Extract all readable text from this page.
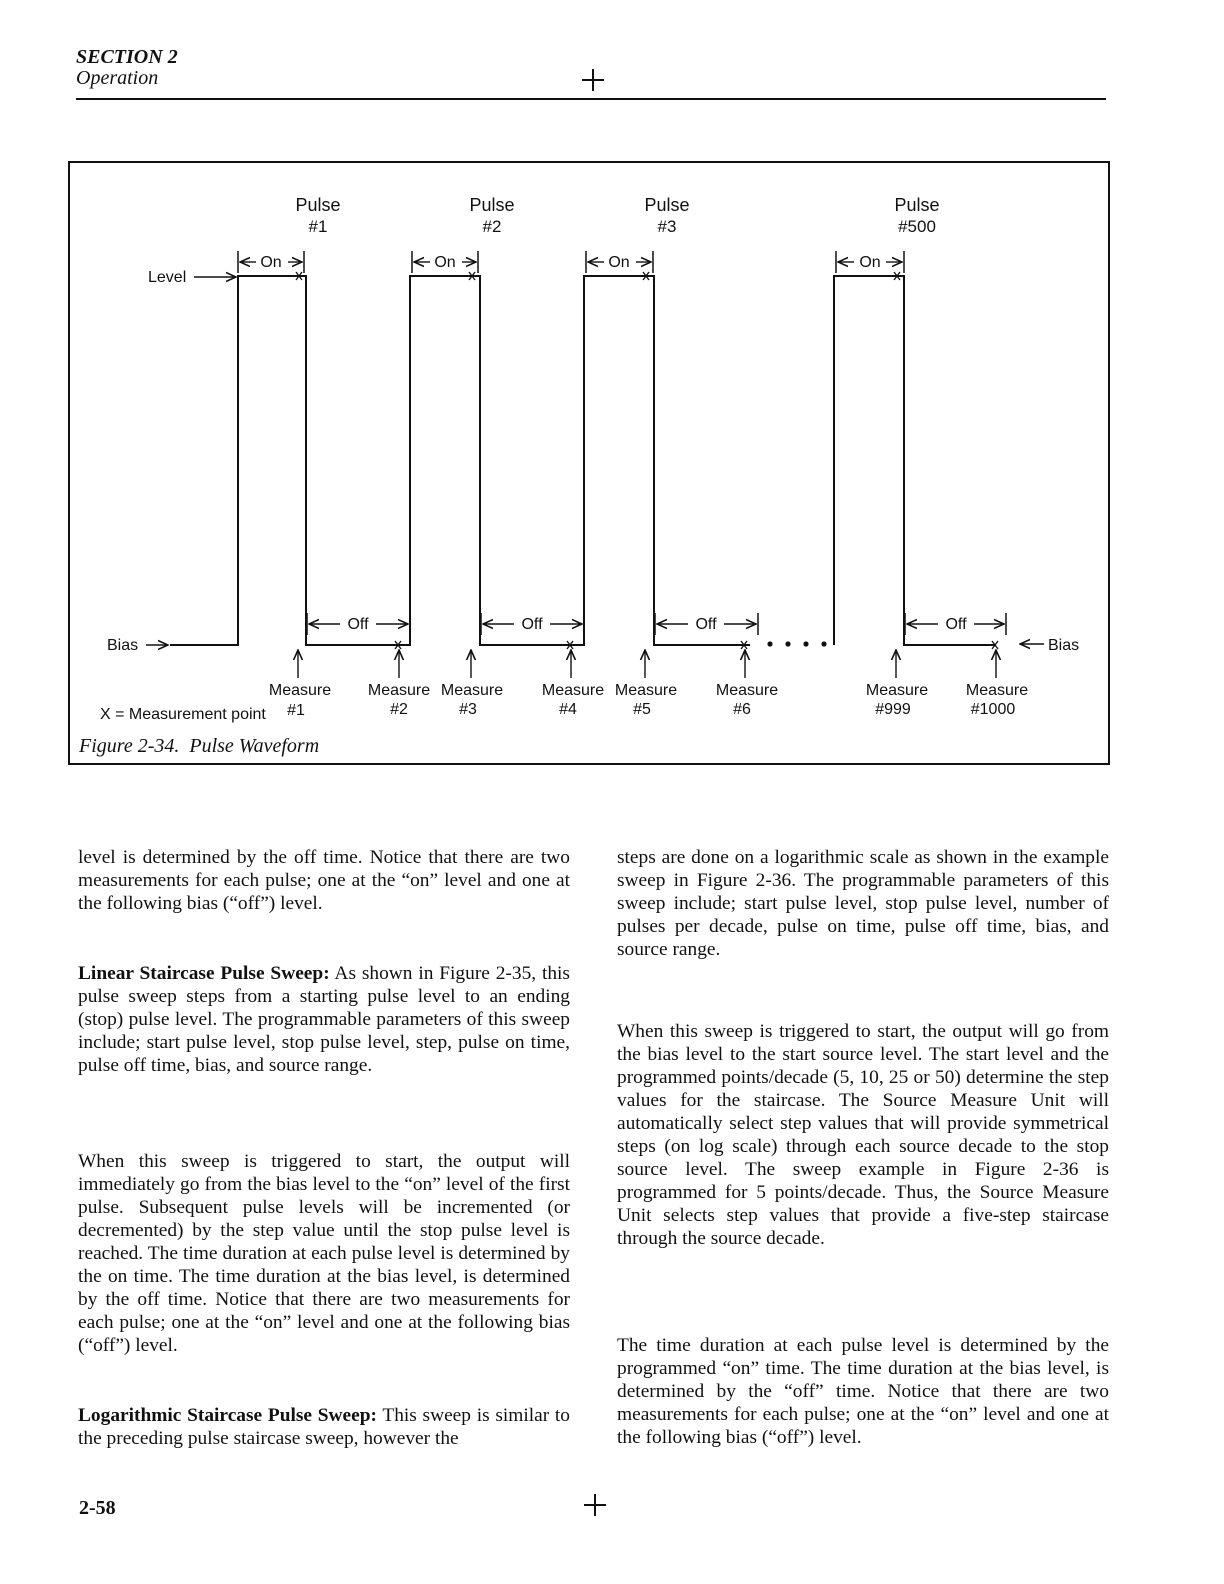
SECTION 2
Operation
Pulse
#1
Pulse
#2
Pulse
#3
Pulse
#500
On	On	On	On
Level
Bias	Bias
Off	Off	Off	Off
Measure
#1
Measure
#2
Measure
#3
Measure
#4
Measure
#5
Measure
#6
Measure
#999
Measure
#1000
X = Measurement point
Figure 2-34. Pulse Waveform

level is determined by the off time. Notice that there are two measurements for each pulse; one at the “on” level and one at the following bias (“off”) level.

Linear Staircase Pulse Sweep: As shown in Figure 2-35, this pulse sweep steps from a starting pulse level to an ending (stop) pulse level. The programmable parameters of this sweep include; start pulse level, stop pulse level, step, pulse on time, pulse off time, bias, and source range.

When this sweep is triggered to start, the output will immediately go from the bias level to the “on” level of the first pulse. Subsequent pulse levels will be incremented (or decremented) by the step value until the stop pulse level is reached. The time duration at each pulse level is determined by the on time. The time duration at the bias level, is determined by the off time. Notice that there are two measurements for each pulse; one at the “on” level and one at the following bias (“off”) level.

Logarithmic Staircase Pulse Sweep: This sweep is similar to the preceding pulse staircase sweep, however the

steps are done on a logarithmic scale as shown in the example sweep in Figure 2-36. The programmable parameters of this sweep include; start pulse level, stop pulse level, number of pulses per decade, pulse on time, pulse off time, bias, and source range.

When this sweep is triggered to start, the output will go from the bias level to the start source level. The start level and the programmed points/decade (5, 10, 25 or 50) determine the step values for the staircase. The Source Measure Unit will automatically select step values that will provide symmetrical steps (on log scale) through each source decade to the stop source level. The sweep example in Figure 2-36 is programmed for 5 points/decade. Thus, the Source Measure Unit selects step values that provide a five-step staircase through the source decade.

The time duration at each pulse level is determined by the programmed “on” time. The time duration at the bias level, is determined by the “off” time. Notice that there are two measurements for each pulse; one at the “on” level and one at the following bias (“off”) level.

2-58
